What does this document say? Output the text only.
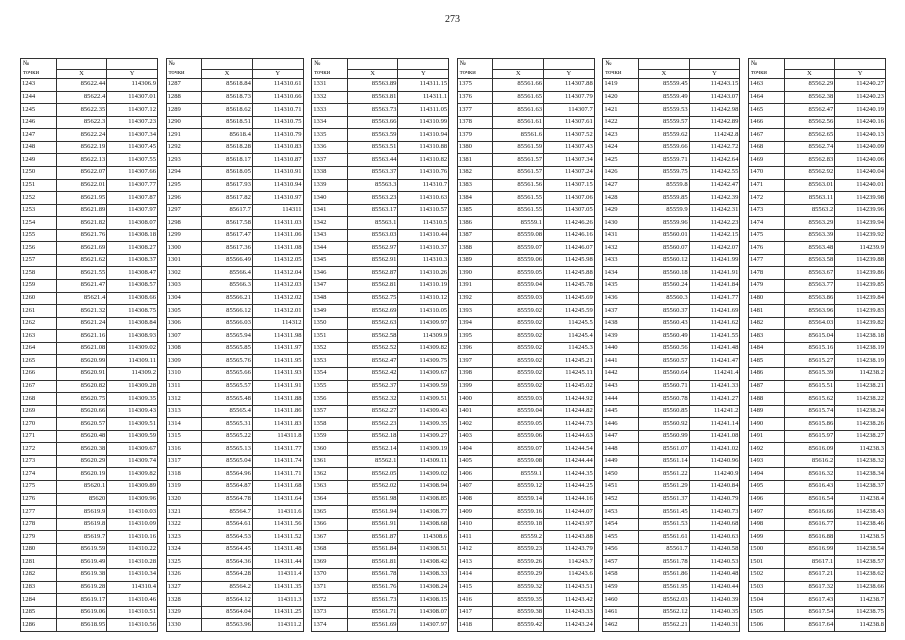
273
№		
точки	X	Y
1243	85622.44	114306.9
1244	85622.4	114307.01
1245	85622.35	114307.12
1246	85622.3	114307.23
1247	85622.24	114307.34
1248	85622.19	114307.45
1249	85622.13	114307.55
1250	85622.07	114307.66
1251	85622.01	114307.77
1252	85621.95	114307.87
1253	85621.89	114307.97
1254	85621.82	114308.07
1255	85621.76	114308.18
1256	85621.69	114308.27
1257	85621.62	114308.37
1258	85621.55	114308.47
1259	85621.47	114308.57
1260	85621.4	114308.66
1261	85621.32	114308.75
1262	85621.24	114308.84
1263	85621.16	114308.93
1264	85621.08	114309.02
1265	85620.99	114309.11
1266	85620.91	114309.2
1267	85620.82	114309.28
1268	85620.75	114309.35
1269	85620.66	114309.43
1270	85620.57	114309.51
1271	85620.48	114309.59
1272	85620.38	114309.67
1273	85620.29	114309.74
1274	85620.19	114309.82
1275	85620.1	114309.89
1276	85620	114309.96
1277	85619.9	114310.03
1278	85619.8	114310.09
1279	85619.7	114310.16
1280	85619.59	114310.22
1281	85619.49	114310.28
1282	85619.38	114310.34
1283	85619.28	114310.4
1284	85619.17	114310.46
1285	85619.06	114310.51
1286	85618.95	114310.56
№		
точки	X	Y
1287	85618.84	114310.61
1288	85618.73	114310.66
1289	85618.62	114310.71
1290	85618.51	114310.75
1291	85618.4	114310.79
1292	85618.28	114310.83
1293	85618.17	114310.87
1294	85618.05	114310.91
1295	85617.93	114310.94
1296	85617.82	114310.97
1297	85617.7	114311
1298	85617.58	114311.03
1299	85617.47	114311.06
1300	85617.36	114311.08
1301	85566.49	114312.05
1302	85566.4	114312.04
1303	85566.3	114312.03
1304	85566.21	114312.02
1305	85566.12	114312.01
1306	85566.03	114312
1307	85565.94	114311.98
1308	85565.85	114311.97
1309	85565.76	114311.95
1310	85565.66	114311.93
1311	85565.57	114311.91
1312	85565.48	114311.88
1313	85565.4	114311.86
1314	85565.31	114311.83
1315	85565.22	114311.8
1316	85565.13	114311.77
1317	85565.04	114311.74
1318	85564.96	114311.71
1319	85564.87	114311.68
1320	85564.78	114311.64
1321	85564.7	114311.6
1322	85564.61	114311.56
1323	85564.53	114311.52
1324	85564.45	114311.48
1325	85564.36	114311.44
1326	85564.28	114311.4
1327	85564.2	114311.35
1328	85564.12	114311.3
1329	85564.04	114311.25
1330	85563.96	114311.2
№		
точки	X	Y
1331	85563.89	114311.15
1332	85563.81	114311.1
1333	85563.73	114311.05
1334	85563.66	114310.99
1335	85563.59	114310.94
1336	85563.51	114310.88
1337	85563.44	114310.82
1338	85563.37	114310.76
1339	85563.3	114310.7
1340	85563.23	114310.63
1341	85563.17	114310.57
1342	85563.1	114310.5
1343	85563.03	114310.44
1344	85562.97	114310.37
1345	85562.91	114310.3
1346	85562.87	114310.26
1347	85562.81	114310.19
1348	85562.75	114310.12
1349	85562.69	114310.05
1350	85562.63	114309.97
1351	85562.58	114309.9
1352	85562.52	114309.82
1353	85562.47	114309.75
1354	85562.42	114309.67
1355	85562.37	114309.59
1356	85562.32	114309.51
1357	85562.27	114309.43
1358	85562.23	114309.35
1359	85562.18	114309.27
1360	85562.14	114309.19
1361	85562.1	114309.11
1362	85562.05	114309.02
1363	85562.02	114308.94
1364	85561.98	114308.85
1365	85561.94	114308.77
1366	85561.91	114308.68
1367	85561.87	114308.6
1368	85561.84	114308.51
1369	85561.81	114308.42
1370	85561.78	114308.33
1371	85561.76	114308.24
1372	85561.73	114308.15
1373	85561.71	114308.07
1374	85561.69	114307.97
№		
точки	X	Y
1375	85561.66	114307.88
1376	85561.65	114307.79
1377	85561.63	114307.7
1378	85561.61	114307.61
1379	85561.6	114307.52
1380	85561.59	114307.43
1381	85561.57	114307.34
1382	85561.57	114307.24
1383	85561.56	114307.15
1384	85561.55	114307.06
1385	85561.55	114307.05
1386	85559.1	114246.26
1387	85559.08	114246.16
1388	85559.07	114246.07
1389	85559.06	114245.98
1390	85559.05	114245.88
1391	85559.04	114245.78
1392	85559.03	114245.69
1393	85559.02	114245.59
1394	85559.02	114245.5
1395	85559.02	114245.4
1396	85559.02	114245.3
1397	85559.02	114245.21
1398	85559.02	114245.11
1399	85559.02	114245.02
1400	85559.03	114244.92
1401	85559.04	114244.82
1402	85559.05	114244.73
1403	85559.06	114244.63
1404	85559.07	114244.54
1405	85559.08	114244.44
1406	85559.1	114244.35
1407	85559.12	114244.25
1408	85559.14	114244.16
1409	85559.16	114244.07
1410	85559.18	114243.97
1411	85559.2	114243.88
1412	85559.23	114243.79
1413	85559.26	114243.7
1414	85559.29	114243.6
1415	85559.32	114243.51
1416	85559.35	114243.42
1417	85559.38	114243.33
1418	85559.42	114243.24
№		
точки	X	Y
1419	85559.45	114243.15
1420	85559.49	114243.07
1421	85559.53	114242.98
1422	85559.57	114242.89
1423	85559.62	114242.8
1424	85559.66	114242.72
1425	85559.71	114242.64
1426	85559.75	114242.55
1427	85559.8	114242.47
1428	85559.85	114242.39
1429	85559.9	114242.31
1430	85559.96	114242.23
1431	85560.01	114242.15
1432	85560.07	114242.07
1433	85560.12	114241.99
1434	85560.18	114241.91
1435	85560.24	114241.84
1436	85560.3	114241.77
1437	85560.37	114241.69
1438	85560.43	114241.62
1439	85560.49	114241.55
1440	85560.56	114241.48
1441	85560.57	114241.47
1442	85560.64	114241.4
1443	85560.71	114241.33
1444	85560.78	114241.27
1445	85560.85	114241.2
1446	85560.92	114241.14
1447	85560.99	114241.08
1448	85561.07	114241.02
1449	85561.14	114240.96
1450	85561.22	114240.9
1451	85561.29	114240.84
1452	85561.37	114240.79
1453	85561.45	114240.73
1454	85561.53	114240.68
1455	85561.61	114240.63
1456	85561.7	114240.58
1457	85561.78	114240.53
1458	85561.86	114240.48
1459	85561.95	114240.44
1460	85562.03	114240.39
1461	85562.12	114240.35
1462	85562.21	114240.31
№		
точки	X	Y
1463	85562.29	114240.27
1464	85562.38	114240.23
1465	85562.47	114240.19
1466	85562.56	114240.16
1467	85562.65	114240.13
1468	85562.74	114240.09
1469	85562.83	114240.06
1470	85562.92	114240.04
1471	85563.01	114240.01
1472	85563.11	114239.98
1473	85563.2	114239.96
1474	85563.29	114239.94
1475	85563.39	114239.92
1476	85563.48	114239.9
1477	85563.58	114239.88
1478	85563.67	114239.86
1479	85563.77	114239.85
1480	85563.86	114239.84
1481	85563.96	114239.83
1482	85564.03	114239.82
1483	85615.04	114238.18
1484	85615.16	114238.19
1485	85615.27	114238.19
1486	85615.39	114238.2
1487	85615.51	114238.21
1488	85615.62	114238.22
1489	85615.74	114238.24
1490	85615.86	114238.26
1491	85615.97	114238.27
1492	85616.09	114238.3
1493	85616.2	114238.32
1494	85616.32	114238.34
1495	85616.43	114238.37
1496	85616.54	114238.4
1497	85616.66	114238.43
1498	85616.77	114238.46
1499	85616.88	114238.5
1500	85616.99	114238.54
1501	85617.1	114238.57
1502	85617.21	114238.62
1503	85617.32	114238.66
1504	85617.43	114238.7
1505	85617.54	114238.75
1506	85617.64	114238.8
